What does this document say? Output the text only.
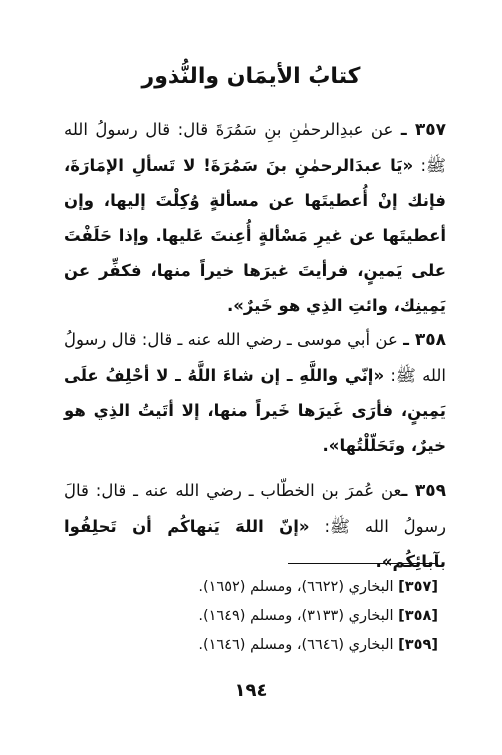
كتابُ الأيمَان والنُّذور

٣٥٧ ـ عن عبدِالرحمٰنِ بنِ سَمُرَةَ قال: قال رسولُ الله ﷺ: «يَا عبدَالرحمٰنِ بنَ سَمُرَةَ! لا تَسألِ الإمَارَةَ، فإنك إنْ أُعطيتَها عن مسألةٍ وُكِلْتَ إليها، وإن أعطيتَها عن غيرِ مَسْألةٍ أُعِنتَ عَليها. وإذا حَلَفْتَ على يَمينٍ، فرأيتَ غيرَها خيراً منها، فكفِّر عن يَمِينِك، وائتِ الذِي هو خَيرٌ».

٣٥٨ ـ عن أبي موسى ـ رضي الله عنه ـ قال: قال رسولُ الله ﷺ: «إنّي واللَّهِ ـ إن شاءَ اللَّهُ ـ لا أحْلِفُ علَى يَمِينٍ، فأرَى غَيرَها خَيراً منها، إلا أتَيتُ الذِي هو خيرٌ، وتَحَلّلْتُها».

٣٥٩ ـعن عُمرَ بن الخطّاب ـ رضي الله عنه ـ قال: قالَ رسولُ الله ﷺ: «إنّ اللهَ يَنهاكُم أن تَحلِفُوا بآبائِكُم».

[٣٥٧] البخاري (٦٦٢٢)، ومسلم (١٦٥٢).
[٣٥٨] البخاري (٣١٣٣)، ومسلم (١٦٤٩).
[٣٥٩] البخاري (٦٦٤٦)، ومسلم (١٦٤٦).
١٩٤
